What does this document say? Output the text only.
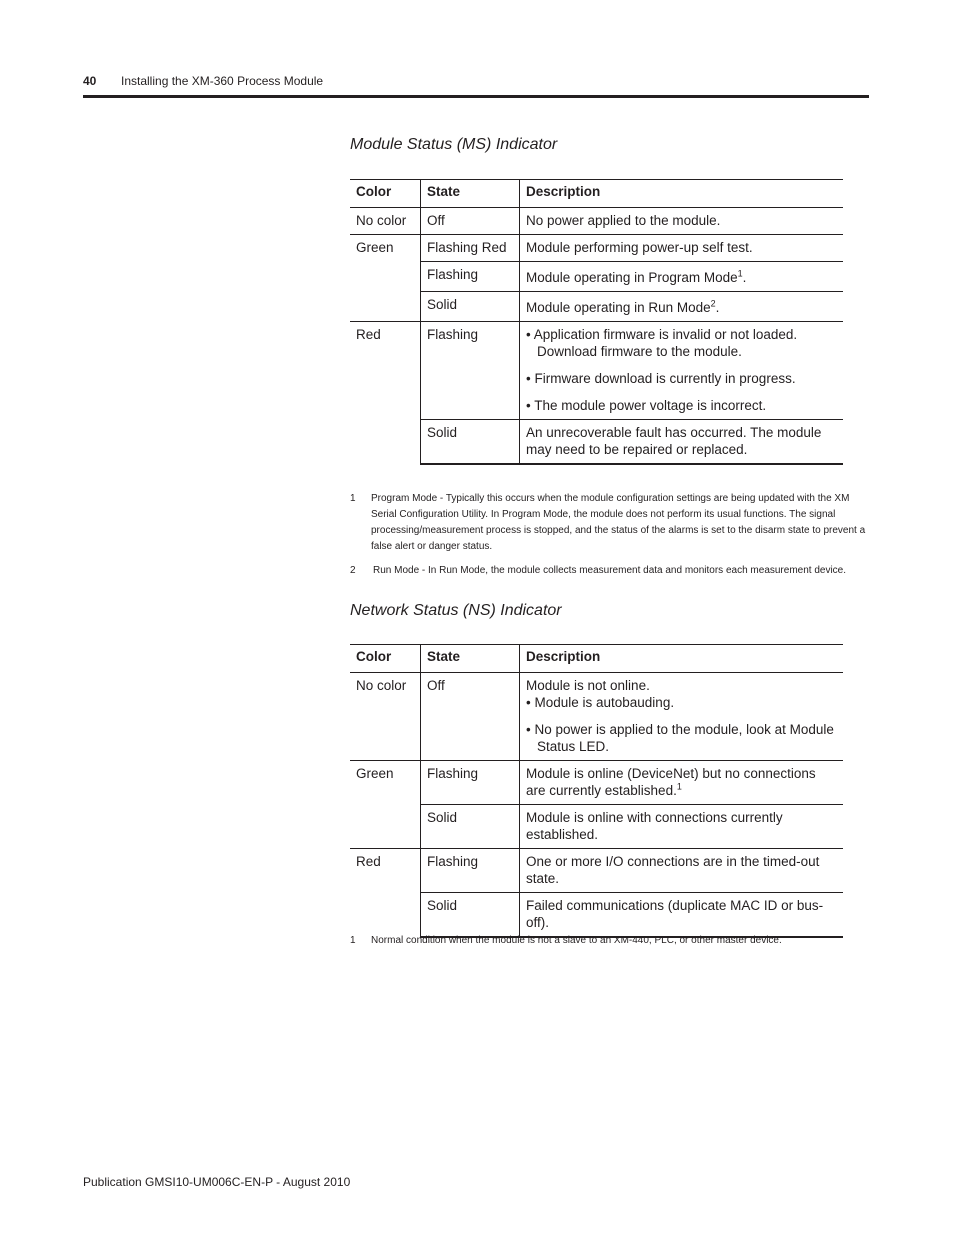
40 Installing the XM-360 Process Module
Module Status (MS) Indicator
Color	State	Description
No color	Off	No power applied to the module.
Green	Flashing Red	Module performing power-up self test.
	Flashing	Module operating in Program Mode$^1$.
	Solid	Module operating in Run Mode$^2$.
Red	Flashing	• Application firmware is invalid or not loaded. Download firmware to the module.
• Firmware download is currently in progress.
• The module power voltage is incorrect.

	Solid	An unrecoverable fault has occurred. The module may need to be repaired or replaced.
1 Program Mode - Typically this occurs when the module configuration settings are being updated with the XM Serial Configuration Utility. In Program Mode, the module does not perform its usual functions. The signal processing/measurement process is stopped, and the status of the alarms is set to the disarm state to prevent a false alert or danger status.
2 Run Mode - In Run Mode, the module collects measurement data and monitors each measurement device.
Network Status (NS) Indicator
Color	State	Description
No color	Off	Module is not online.
• Module is autobauding.
• No power is applied to the module, look at Module Status LED.

Green	Flashing	Module is online (DeviceNet) but no connections are currently established.$^1$
	Solid	Module is online with connections currently established.
Red	Flashing	One or more I/O connections are in the timed-out state.
	Solid	Failed communications (duplicate MAC ID or bus-off).
1 Normal condition when the module is not a slave to an XM-440, PLC, or other master device.
Publication GMSI10-UM006C-EN-P - August 2010
